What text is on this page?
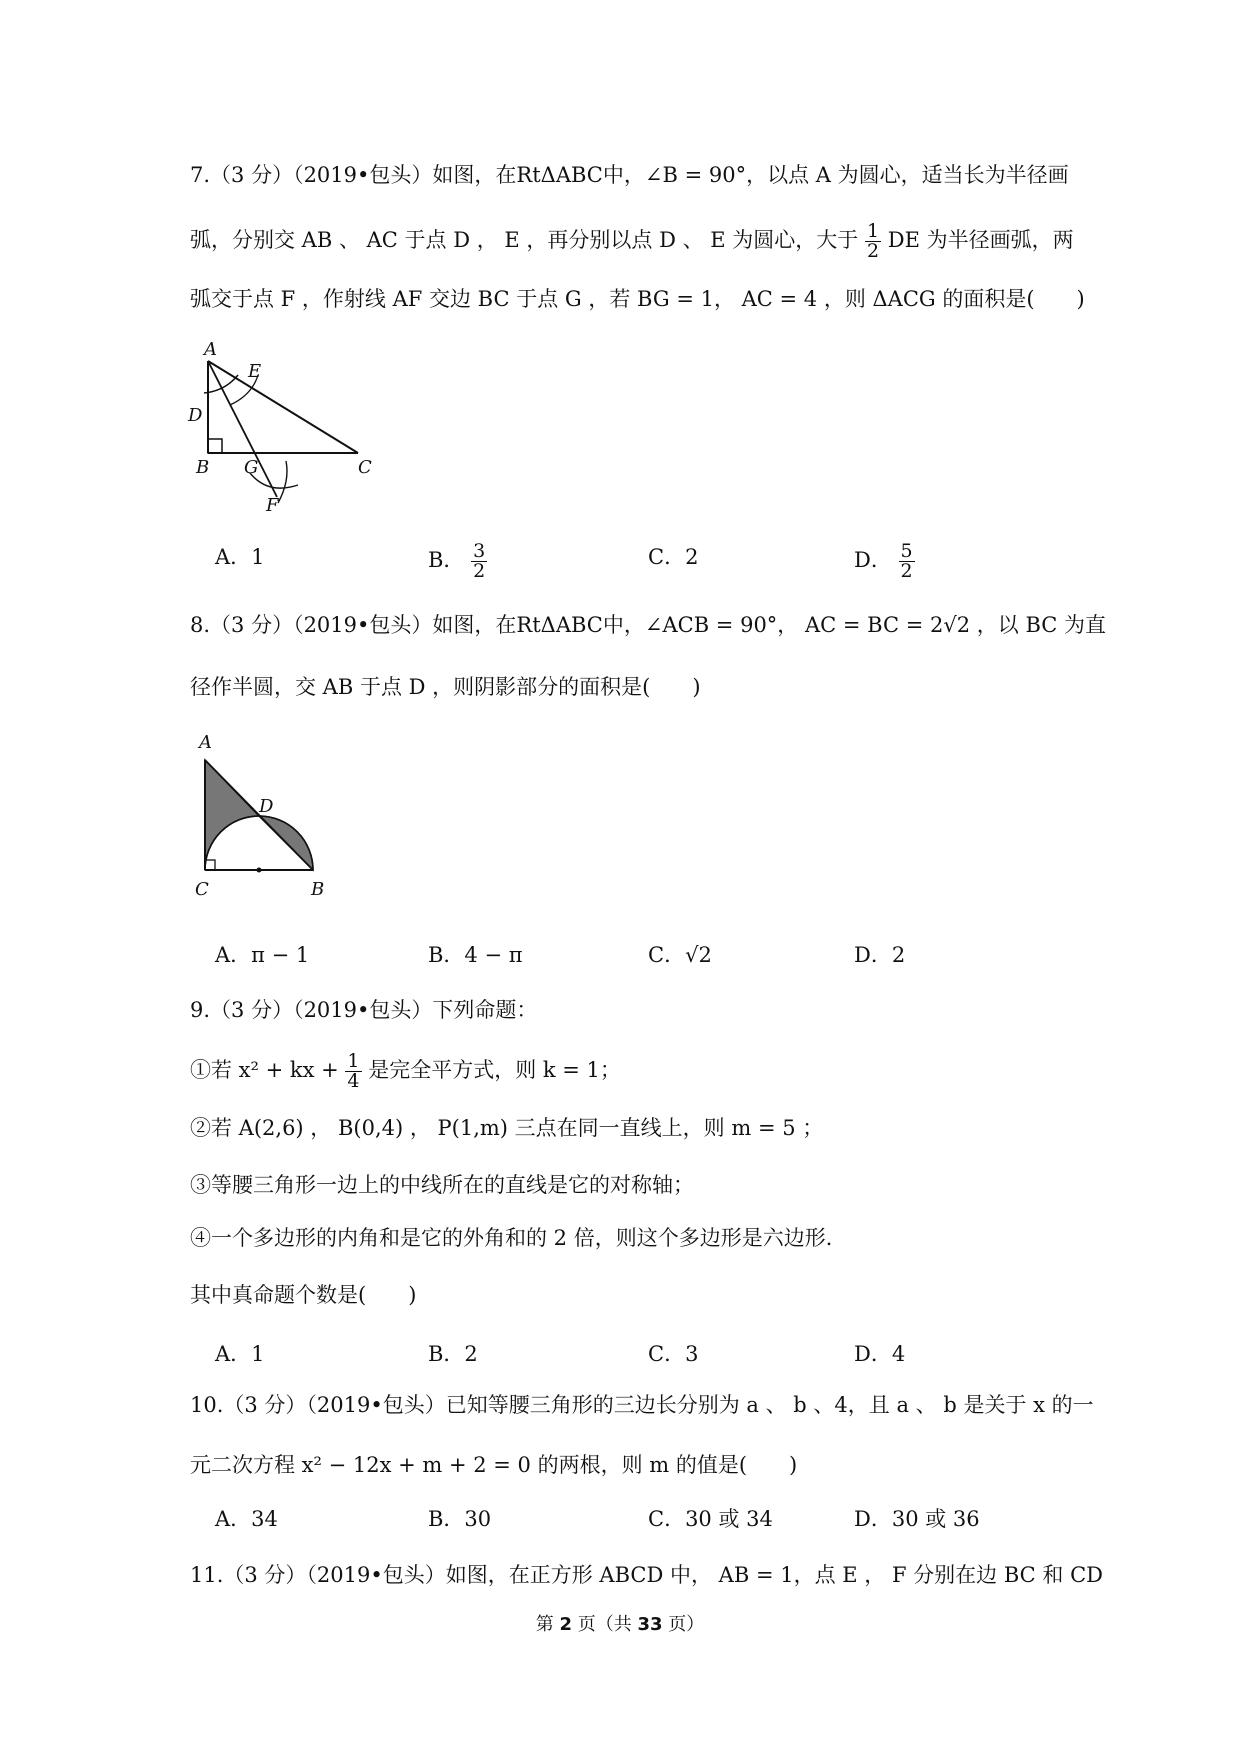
7.（3 分）（2019•包头）如图，在RtΔABC中，∠B = 90°，以点 A 为圆心，适当长为半径画
弧，分别交 AB 、 AC 于点 D ， E ，再分别以点 D 、 E 为圆心，大于 $\frac{1}{2}$ DE 为半径画弧，两
弧交于点 F ，作射线 AF 交边 BC 于点 G ，若 BG = 1， AC = 4 ，则 ΔACG 的面积是(　　)
A
E
D
B G	C
F
A．1	B． $\frac{3}{2}$	C．2	D． $\frac{5}{2}$
8.（3 分）（2019•包头）如图，在RtΔABC中，∠ACB = 90°， AC = BC = 2√2 ，以 BC 为直
径作半圆，交 AB 于点 D ，则阴影部分的面积是(　　)
A
D
C	B
A．π − 1	B．4 − π	C．√2	D．2
9.（3 分）（2019•包头）下列命题：
①若 x² + kx + $\frac{1}{4}$ 是完全平方式，则 k = 1；
②若 A(2,6) ， B(0,4) ， P(1,m) 三点在同一直线上，则 m = 5 ；
③等腰三角形一边上的中线所在的直线是它的对称轴；
④一个多边形的内角和是它的外角和的 2 倍，则这个多边形是六边形．
其中真命题个数是(　　)
A．1	B．2	C．3	D．4
10.（3 分）（2019•包头）已知等腰三角形的三边长分别为 a 、 b 、4，且 a 、 b 是关于 x 的一
元二次方程 x² − 12x + m + 2 = 0 的两根，则 m 的值是(　　)
A．34	B．30	C．30 或 34	D．30 或 36
11.（3 分）（2019•包头）如图，在正方形 ABCD 中， AB = 1，点 E ， F 分别在边 BC 和 CD
第 2 页（共 33 页）
